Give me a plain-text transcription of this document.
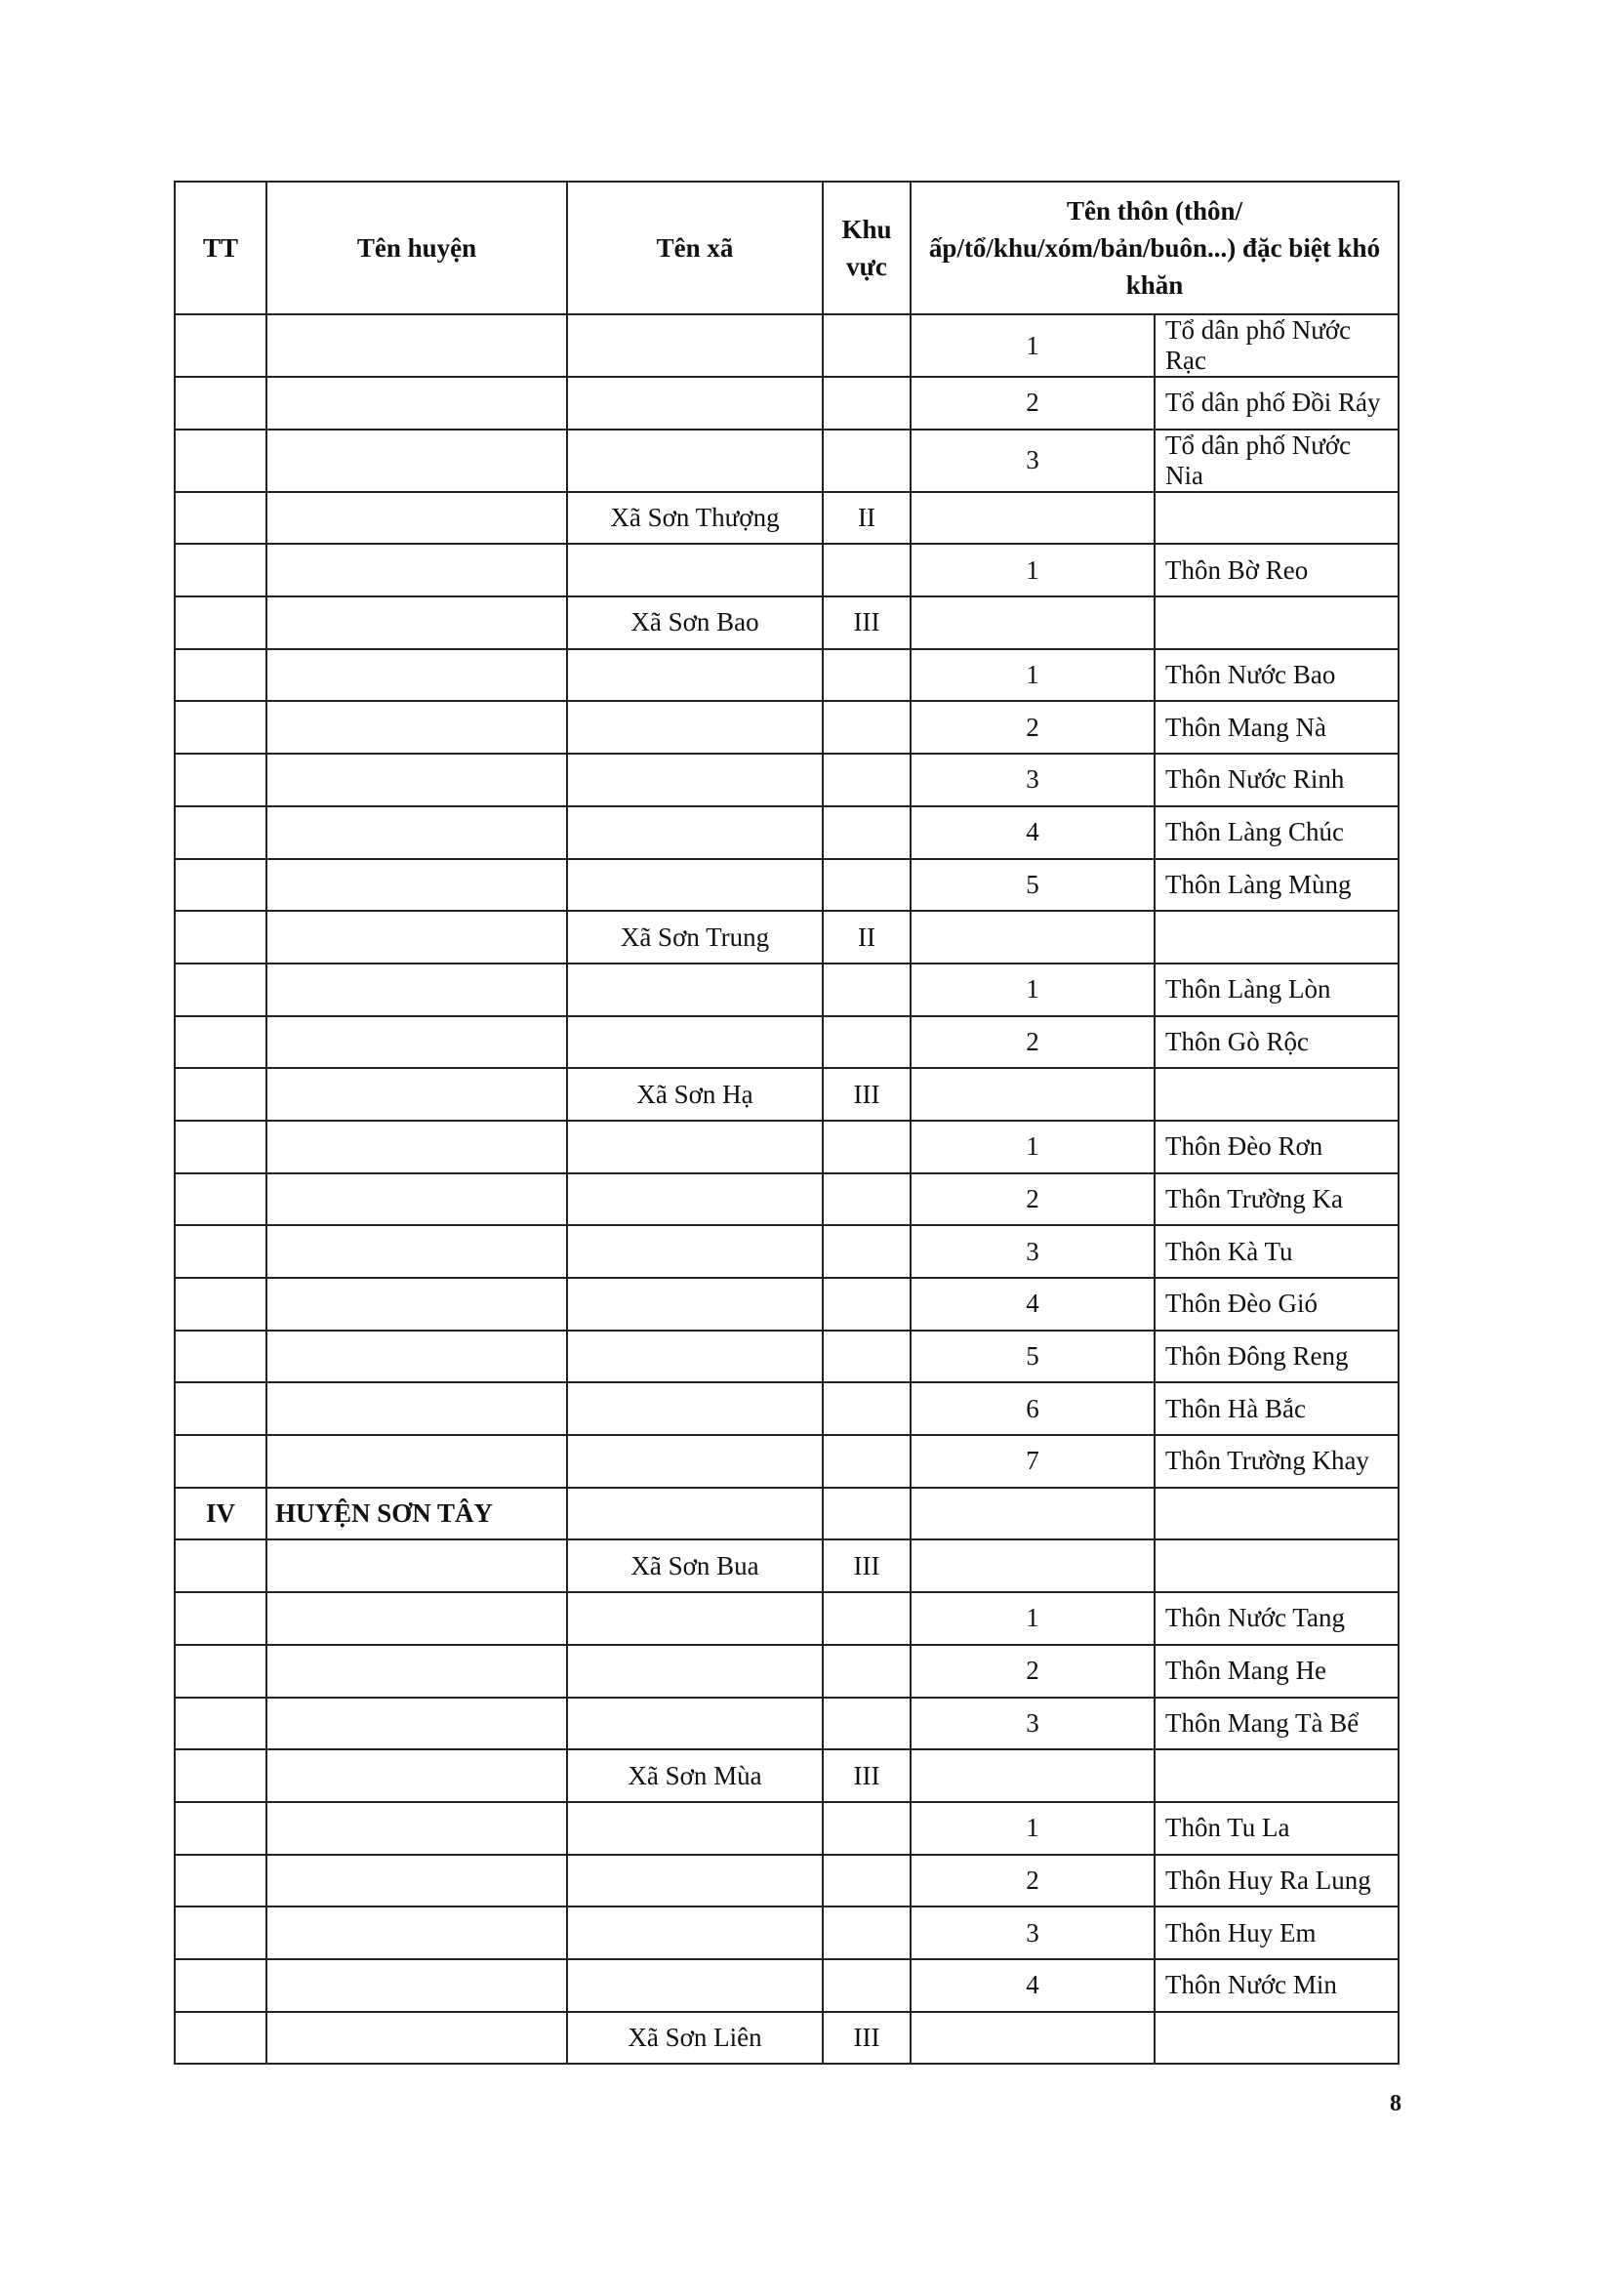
TT	Tên huyện	Tên xã	Khu vực	Tên thôn (thôn/ấp/tổ/khu/xóm/bản/buôn...) đặc biệt khó khăn	
				1	Tổ dân phố Nước Rạc
				2	Tổ dân phố Đồi Ráy
				3	Tổ dân phố Nước Nia
		Xã Sơn Thượng	II		
				1	Thôn Bờ Reo
		Xã Sơn Bao	III		
				1	Thôn Nước Bao
				2	Thôn Mang Nà
				3	Thôn Nước Rinh
				4	Thôn Làng Chúc
				5	Thôn Làng Mùng
		Xã Sơn Trung	II		
				1	Thôn Làng Lòn
				2	Thôn Gò Rộc
		Xã Sơn Hạ	III		
				1	Thôn Đèo Rơn
				2	Thôn Trường Ka
				3	Thôn Kà Tu
				4	Thôn Đèo Gió
				5	Thôn Đông Reng
				6	Thôn Hà Bắc
				7	Thôn Trường Khay
IV	HUYỆN SƠN TÂY				
		Xã Sơn Bua	III		
				1	Thôn Nước Tang
				2	Thôn Mang He
				3	Thôn Mang Tà Bể
		Xã Sơn Mùa	III		
				1	Thôn Tu La
				2	Thôn Huy Ra Lung
				3	Thôn Huy Em
				4	Thôn Nước Min
		Xã Sơn Liên	III		
8
